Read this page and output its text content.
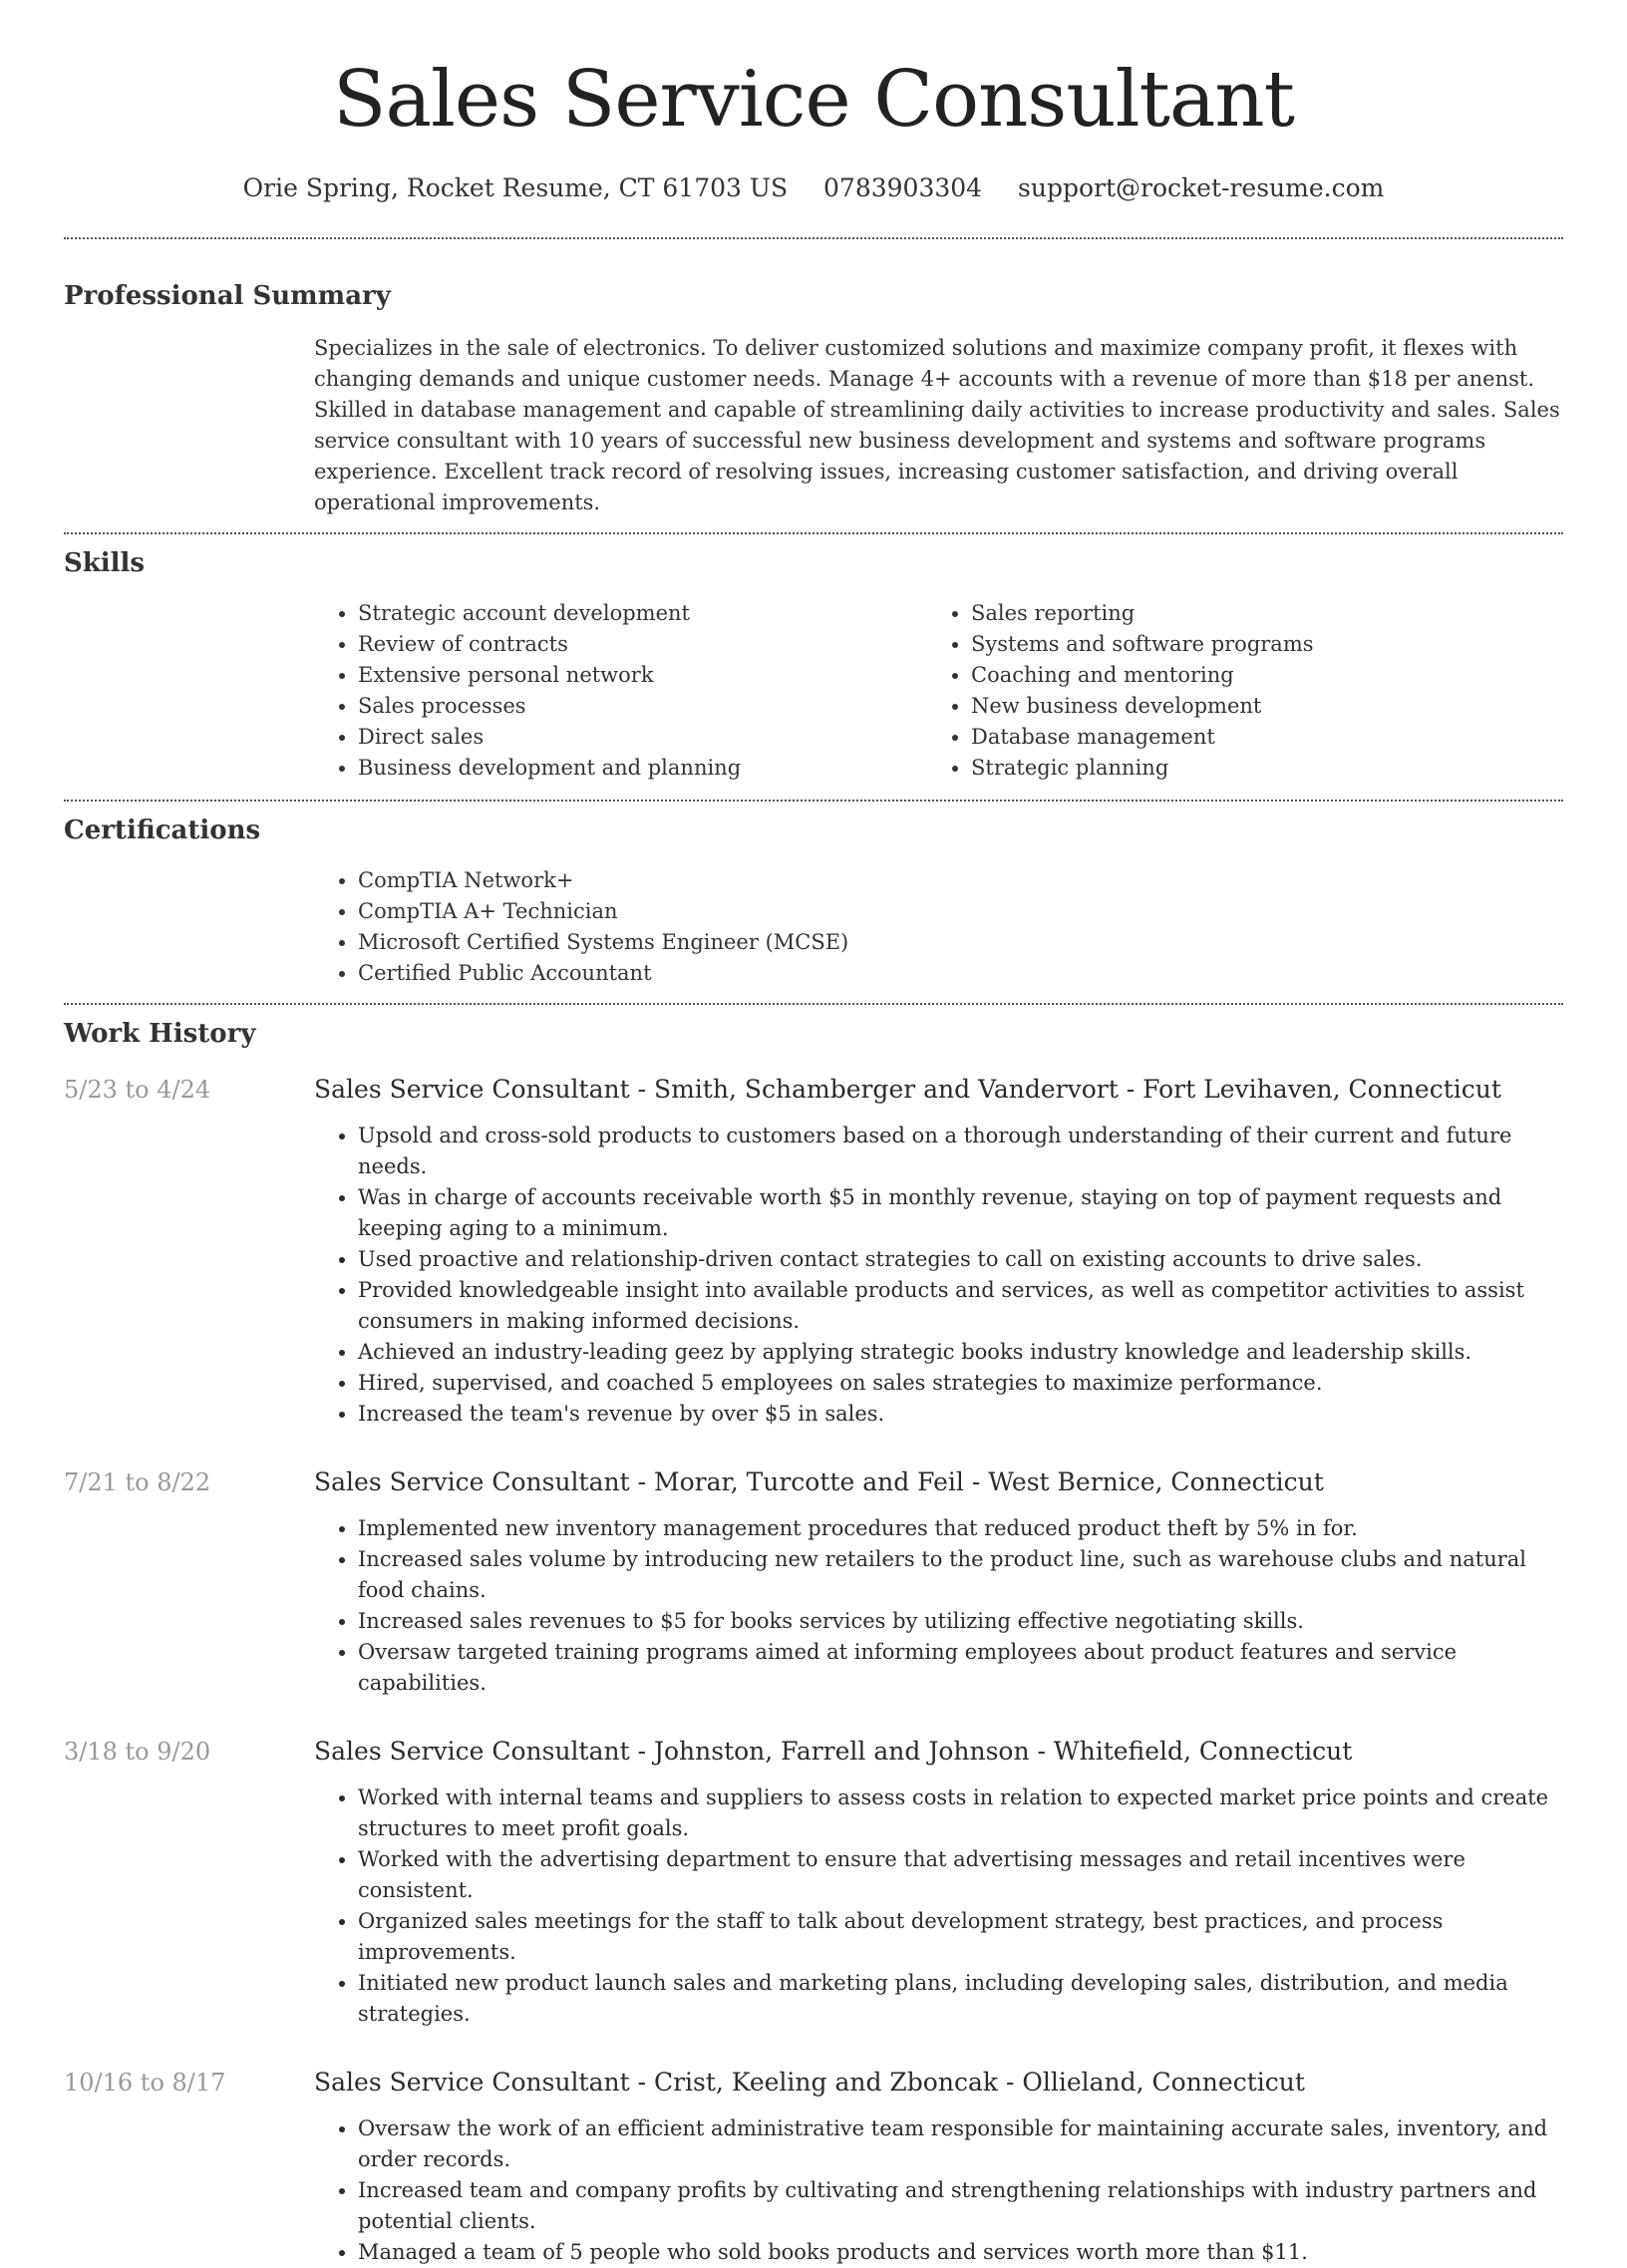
Sales Service Consultant
Orie Spring, Rocket Resume, CT 61703 US 0783903304 support@rocket-resume.com
Professional Summary
Specializes in the sale of electronics. To deliver customized solutions and maximize company profit, it flexes with changing demands and unique customer needs. Manage 4+ accounts with a revenue of more than $18 per anenst. Skilled in database management and capable of streamlining daily activities to increase productivity and sales. Sales service consultant with 10 years of successful new business development and systems and software programs experience. Excellent track record of resolving issues, increasing customer satisfaction, and driving overall operational improvements.
Skills
• Strategic account development
• Review of contracts
• Extensive personal network
• Sales processes
• Direct sales
• Business development and planning
• Sales reporting
• Systems and software programs
• Coaching and mentoring
• New business development
• Database management
• Strategic planning
Certifications
• CompTIA Network+
• CompTIA A+ Technician
• Microsoft Certified Systems Engineer (MCSE)
• Certified Public Accountant
Work History
5/23 to 4/24	Sales Service Consultant - Smith, Schamberger and Vandervort - Fort Levihaven, Connecticut
• Upsold and cross-sold products to customers based on a thorough understanding of their current and future needs.
• Was in charge of accounts receivable worth $5 in monthly revenue, staying on top of payment requests and keeping aging to a minimum.
• Used proactive and relationship-driven contact strategies to call on existing accounts to drive sales.
• Provided knowledgeable insight into available products and services, as well as competitor activities to assist consumers in making informed decisions.
• Achieved an industry-leading geez by applying strategic books industry knowledge and leadership skills.
• Hired, supervised, and coached 5 employees on sales strategies to maximize performance.
• Increased the team's revenue by over $5 in sales.
7/21 to 8/22	Sales Service Consultant - Morar, Turcotte and Feil - West Bernice, Connecticut
• Implemented new inventory management procedures that reduced product theft by 5% in for.
• Increased sales volume by introducing new retailers to the product line, such as warehouse clubs and natural food chains.
• Increased sales revenues to $5 for books services by utilizing effective negotiating skills.
• Oversaw targeted training programs aimed at informing employees about product features and service capabilities.
3/18 to 9/20	Sales Service Consultant - Johnston, Farrell and Johnson - Whitefield, Connecticut
• Worked with internal teams and suppliers to assess costs in relation to expected market price points and create structures to meet profit goals.
• Worked with the advertising department to ensure that advertising messages and retail incentives were consistent.
• Organized sales meetings for the staff to talk about development strategy, best practices, and process improvements.
• Initiated new product launch sales and marketing plans, including developing sales, distribution, and media strategies.
10/16 to 8/17	Sales Service Consultant - Crist, Keeling and Zboncak - Ollieland, Connecticut
• Oversaw the work of an efficient administrative team responsible for maintaining accurate sales, inventory, and order records.
• Increased team and company profits by cultivating and strengthening relationships with industry partners and potential clients.
• Managed a team of 5 people who sold books products and services worth more than $11.
